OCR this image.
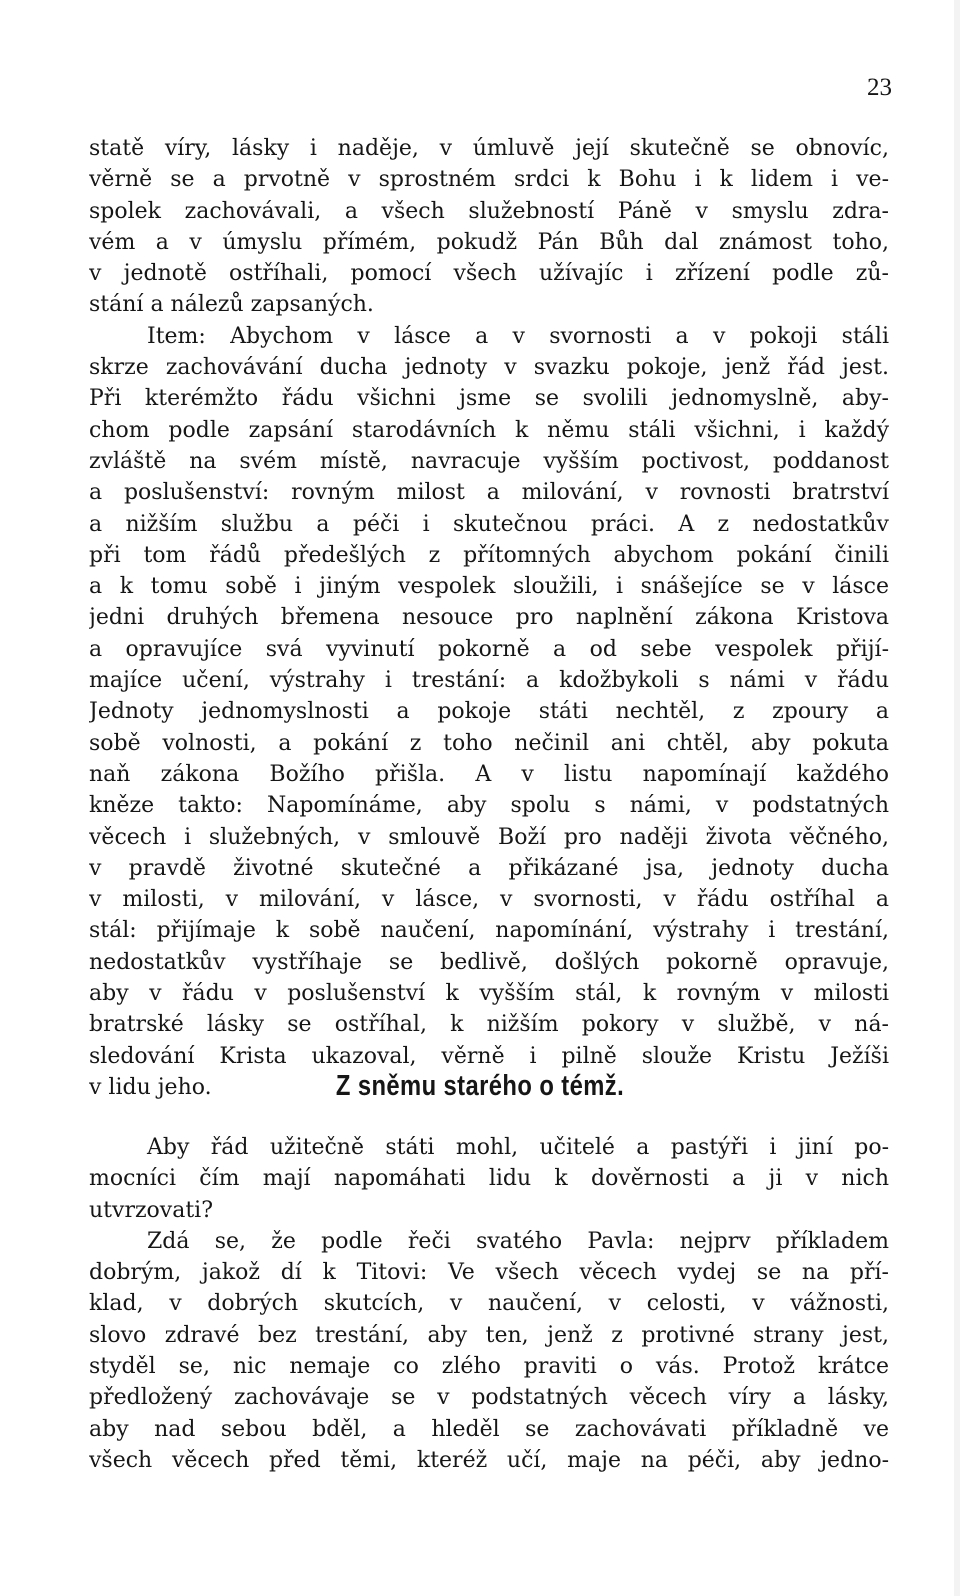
23
statě víry, lásky i naděje, v úmluvě její skutečně se obnovíc,
věrně se a prvotně v sprostném srdci k Bohu i k lidem i ve-
spolek zachovávali, a všech služebností Páně v smyslu zdra-
vém a v úmyslu přímém, pokudž Pán Bůh dal známost toho,
v jednotě ostříhali, pomocí všech užívajíc i zřízení podle zů-
stání a nálezů zapsaných.
Item: Abychom v lásce a v svornosti a v pokoji stáli
skrze zachovávání ducha jednoty v svazku pokoje, jenž řád jest.
Při kterémžto řádu všichni jsme se svolili jednomyslně, aby-
chom podle zapsání starodávních k němu stáli všichni, i každý
zvláště na svém místě, navracuje vyšším poctivost, poddanost
a poslušenství: rovným milost a milování, v rovnosti bratrství
a nižším službu a péči i skutečnou práci. A z nedostatkův
při tom řádů předešlých z přítomných abychom pokání činili
a k tomu sobě i jiným vespolek sloužili, i snášejíce se v lásce
jedni druhých břemena nesouce pro naplnění zákona Kristova
a opravujíce svá vyvinutí pokorně a od sebe vespolek přijí-
majíce učení, výstrahy i trestání: a kdožbykoli s námi v řádu
Jednoty jednomyslnosti a pokoje státi nechtěl, z zpoury a
sobě volnosti, a pokání z toho nečinil ani chtěl, aby pokuta
naň zákona Božího přišla. A v listu napomínají každého
kněze takto: Napomínáme, aby spolu s námi, v podstatných
věcech i služebných, v smlouvě Boží pro naději života věčného,
v pravdě životné skutečné a přikázané jsa, jednoty ducha
v milosti, v milování, v lásce, v svornosti, v řádu ostříhal a
stál: přijímaje k sobě naučení, napomínání, výstrahy i trestání,
nedostatkův vystříhaje se bedlivě, došlých pokorně opravuje,
aby v řádu v poslušenství k vyšším stál, k rovným v milosti
bratrské lásky se ostříhal, k nižším pokory v službě, v ná-
sledování Krista ukazoval, věrně i pilně slouže Kristu Ježíši
v lidu jeho.	Z sněmu starého o témž.
Aby řád užitečně státi mohl, učitelé a pastýři i jiní po-
mocníci čím mají napomáhati lidu k dověrnosti a ji v nich
utvrzovati?
Zdá se, že podle řeči svatého Pavla: nejprv příkladem
dobrým, jakož dí k Titovi: Ve všech věcech vydej se na pří-
klad, v dobrých skutcích, v naučení, v celosti, v vážnosti,
slovo zdravé bez trestání, aby ten, jenž z protivné strany jest,
styděl se, nic nemaje co zlého praviti o vás. Protož krátce
předložený zachovávaje se v podstatných věcech víry a lásky,
aby nad sebou bděl, a hleděl se zachovávati příkladně ve
všech věcech před těmi, kteréž učí, maje na péči, aby jedno-
